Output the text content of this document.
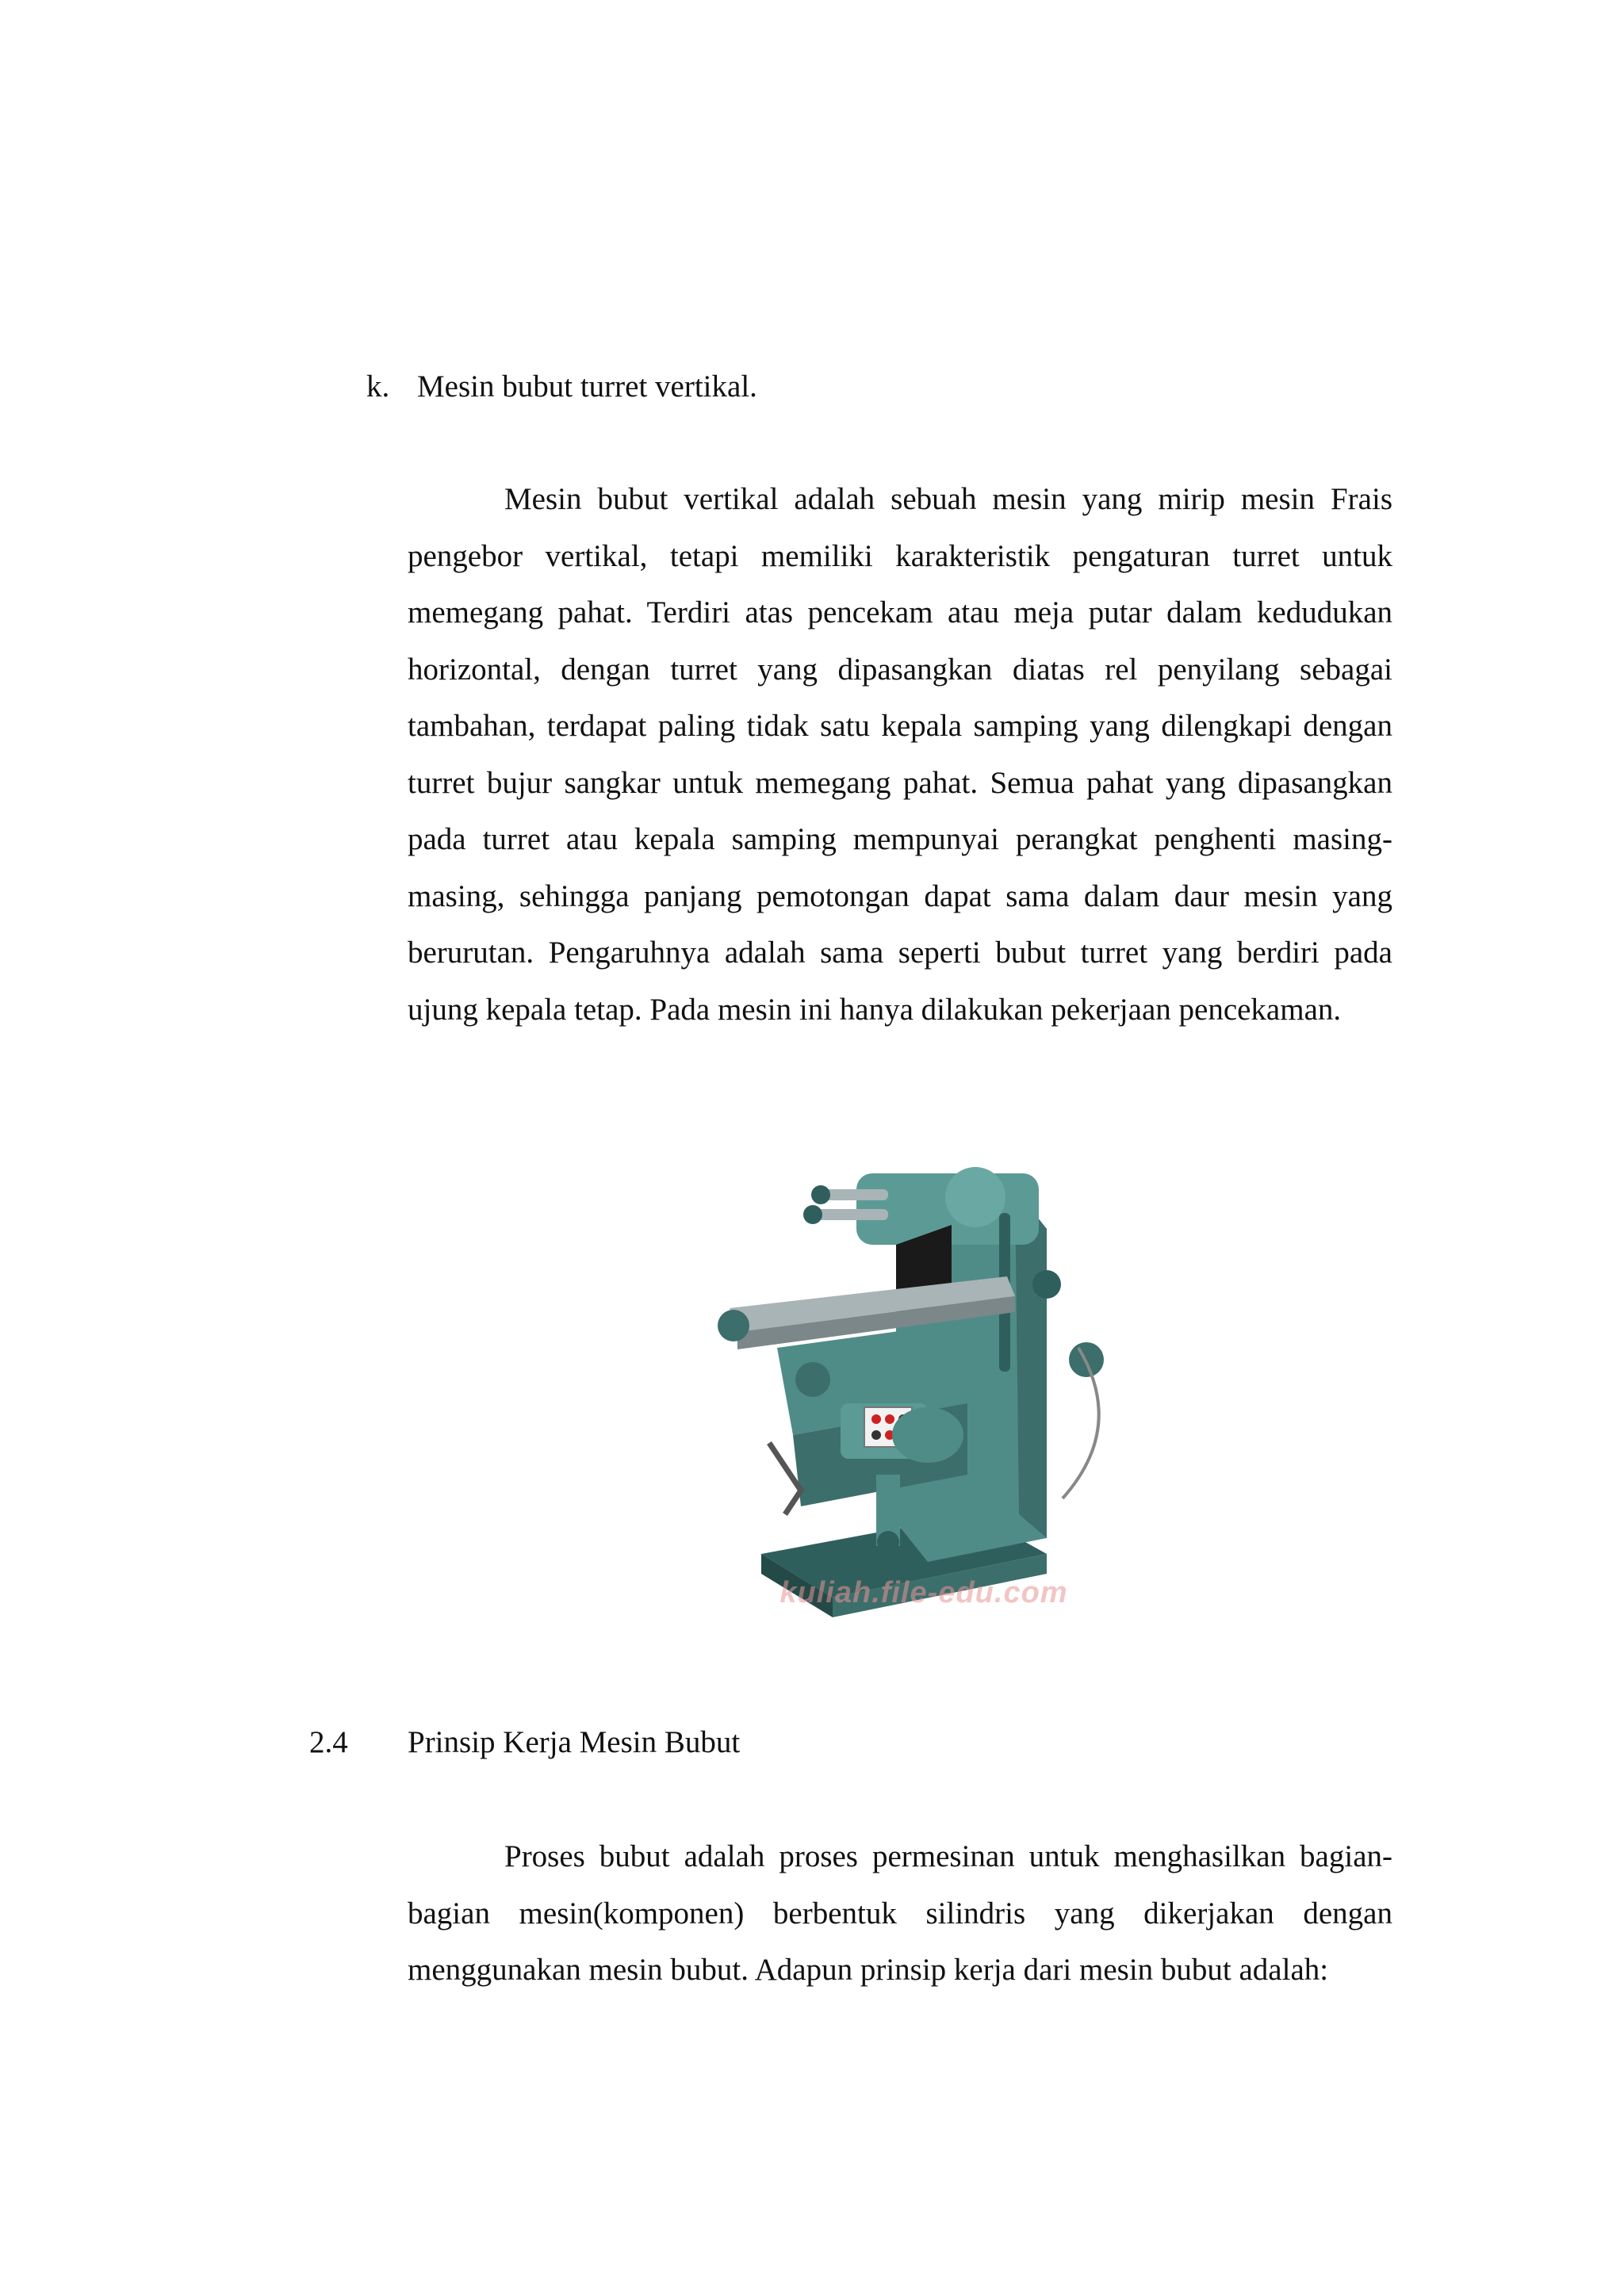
k. Mesin bubut turret vertikal.

Mesin bubut vertikal adalah sebuah mesin yang mirip mesin Frais pengebor vertikal, tetapi memiliki karakteristik pengaturan turret untuk memegang pahat. Terdiri atas pencekam atau meja putar dalam kedudukan horizontal, dengan turret yang dipasangkan diatas rel penyilang sebagai tambahan, terdapat paling tidak satu kepala samping yang dilengkapi dengan turret bujur sangkar untuk memegang pahat. Semua pahat yang dipasangkan pada turret atau kepala samping mempunyai perangkat penghenti masing-masing, sehingga panjang pemotongan dapat sama dalam daur mesin yang berurutan. Pengaruhnya adalah sama seperti bubut turret yang berdiri pada ujung kepala tetap. Pada mesin ini hanya dilakukan pekerjaan pencekaman.

kuliah.file-edu.com
2.4 Prinsip Kerja Mesin Bubut

Proses bubut adalah proses permesinan untuk menghasilkan bagian-bagian mesin(komponen) berbentuk silindris yang dikerjakan dengan menggunakan mesin bubut. Adapun prinsip kerja dari mesin bubut adalah:
